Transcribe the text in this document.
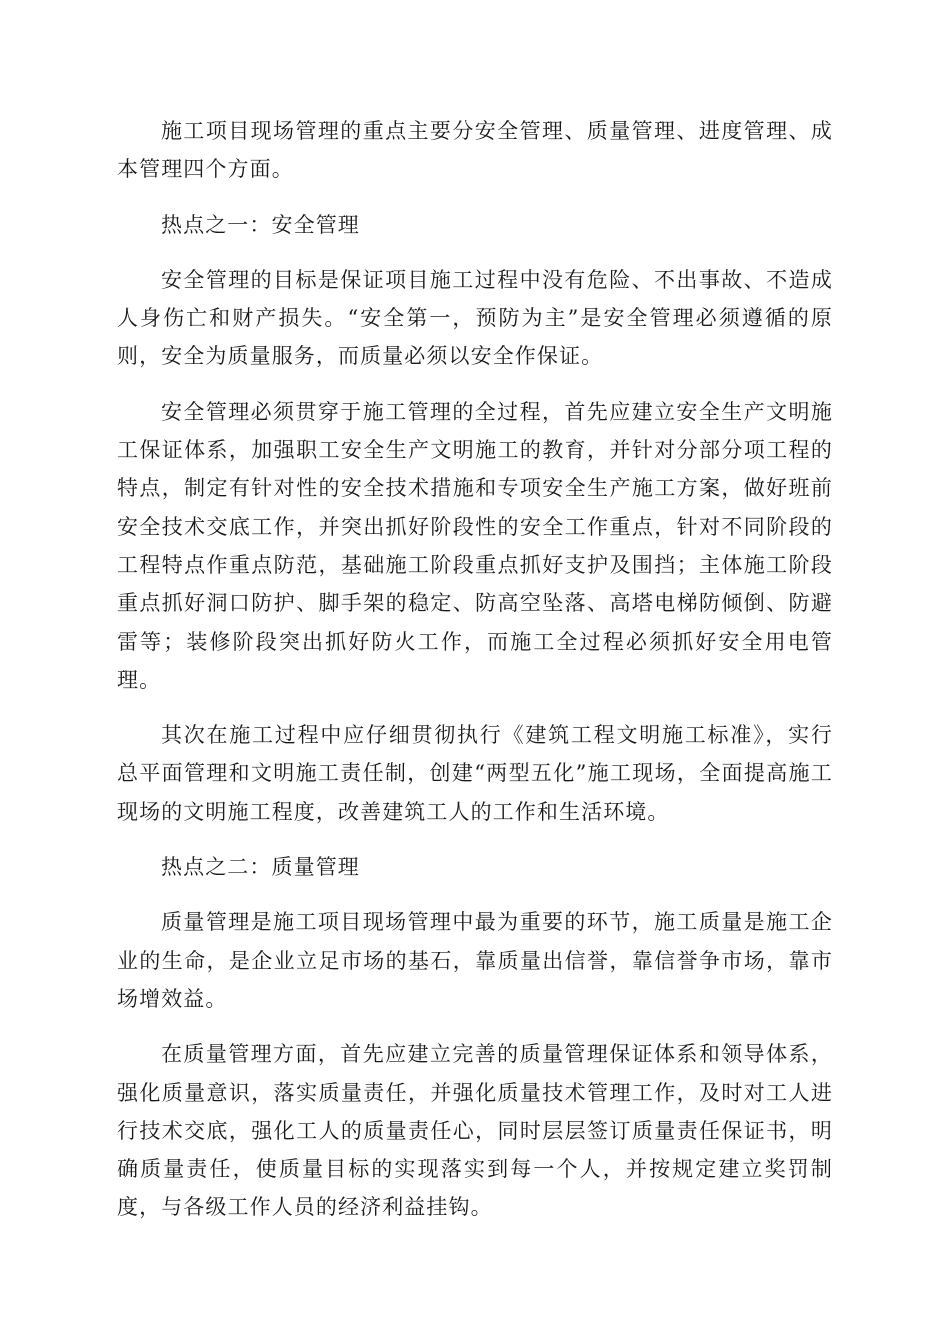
施工项目现场管理的重点主要分安全管理、质量管理、进度管理、成本管理四个方面。

热点之一：安全管理

安全管理的目标是保证项目施工过程中没有危险、不出事故、不造成人身伤亡和财产损失。“安全第一，预防为主”是安全管理必须遵循的原则，安全为质量服务，而质量必须以安全作保证。

安全管理必须贯穿于施工管理的全过程，首先应建立安全生产文明施工保证体系，加强职工安全生产文明施工的教育，并针对分部分项工程的特点，制定有针对性的安全技术措施和专项安全生产施工方案，做好班前安全技术交底工作，并突出抓好阶段性的安全工作重点，针对不同阶段的工程特点作重点防范，基础施工阶段重点抓好支护及围挡；主体施工阶段重点抓好洞口防护、脚手架的稳定、防高空坠落、高塔电梯防倾倒、防避雷等；装修阶段突出抓好防火工作，而施工全过程必须抓好安全用电管理。

其次在施工过程中应仔细贯彻执行《建筑工程文明施工标准》，实行总平面管理和文明施工责任制，创建“两型五化”施工现场，全面提高施工现场的文明施工程度，改善建筑工人的工作和生活环境。

热点之二：质量管理

质量管理是施工项目现场管理中最为重要的环节，施工质量是施工企业的生命，是企业立足市场的基石，靠质量出信誉，靠信誉争市场，靠市场增效益。

在质量管理方面，首先应建立完善的质量管理保证体系和领导体系，强化质量意识，落实质量责任，并强化质量技术管理工作，及时对工人进行技术交底，强化工人的质量责任心，同时层层签订质量责任保证书，明确质量责任，使质量目标的实现落实到每一个人，并按规定建立奖罚制度，与各级工作人员的经济利益挂钩。
